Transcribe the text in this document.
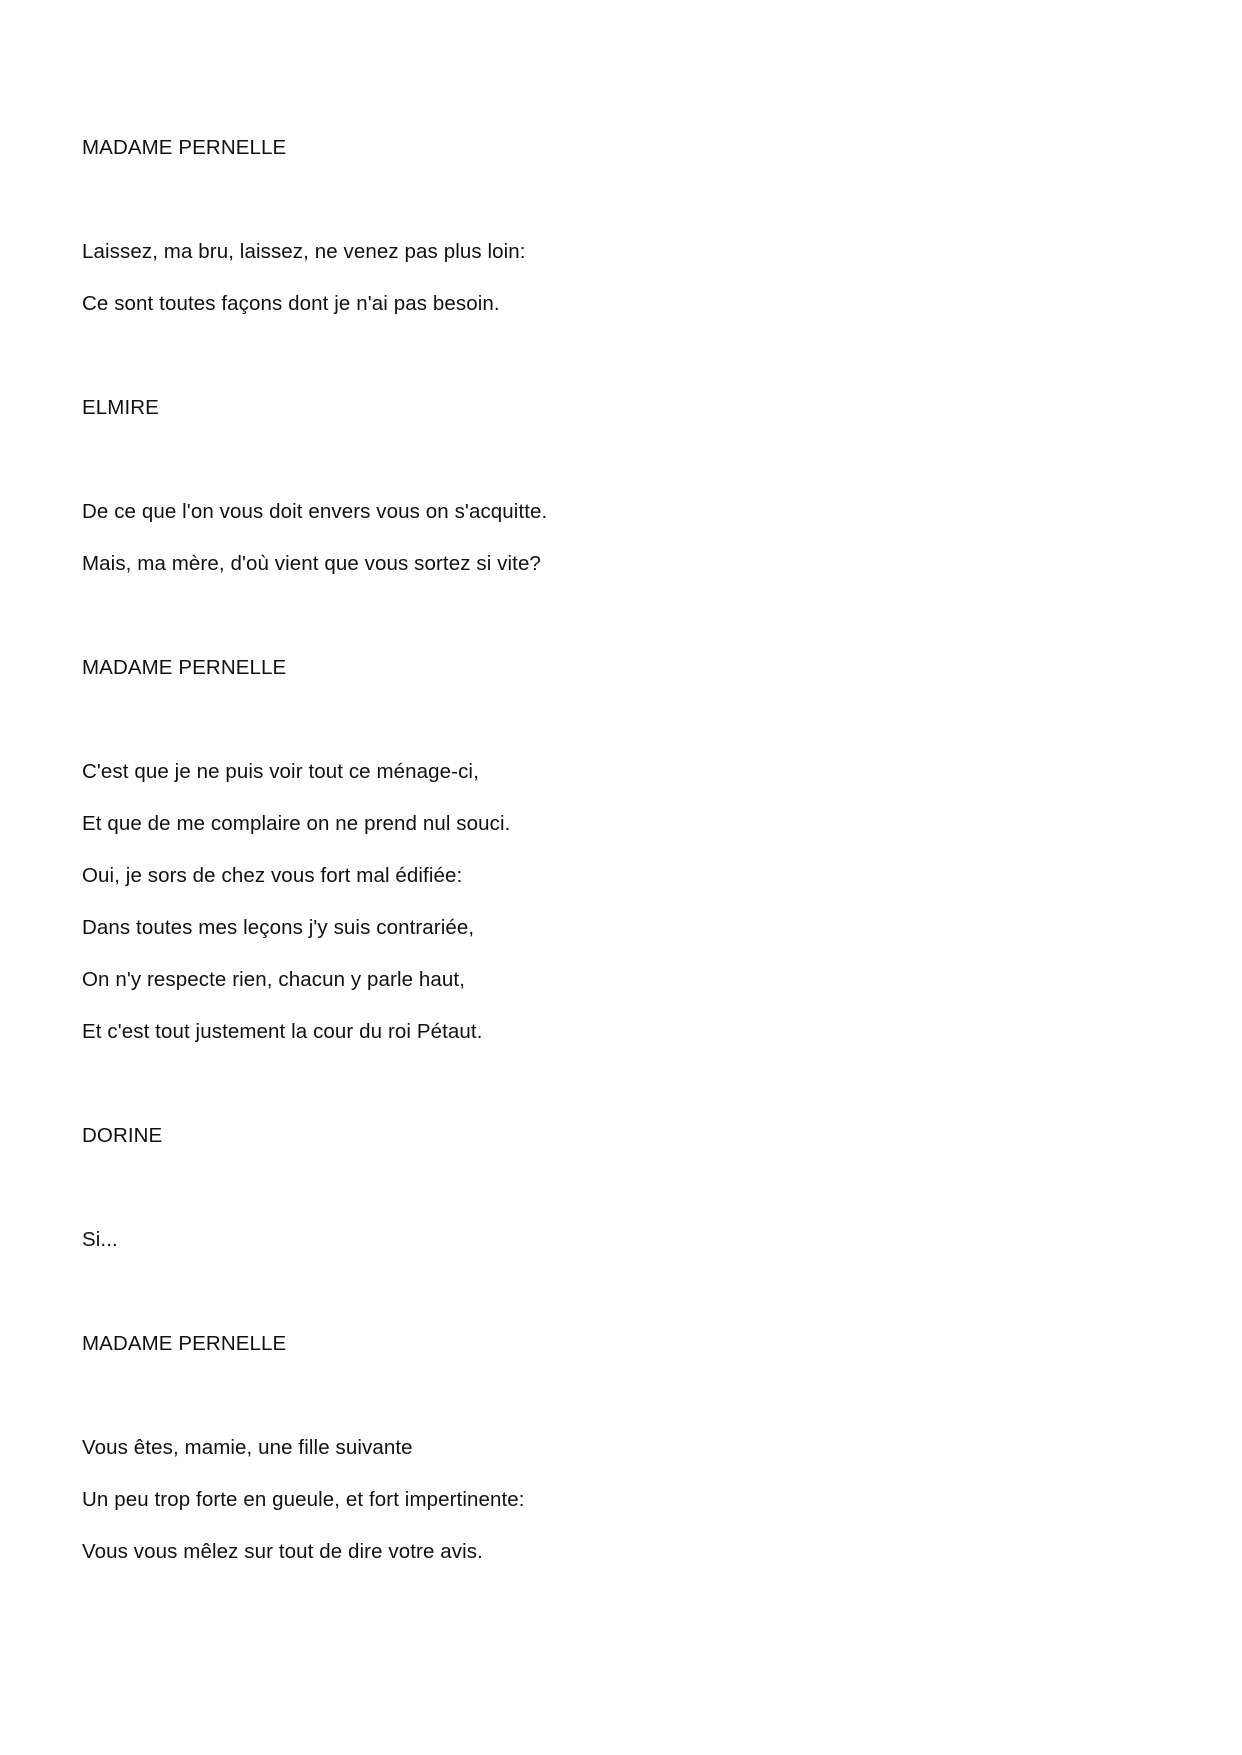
MADAME PERNELLE

Laissez, ma bru, laissez, ne venez pas plus loin:

Ce sont toutes façons dont je n'ai pas besoin.

ELMIRE

De ce que l'on vous doit envers vous on s'acquitte.

Mais, ma mère, d'où vient que vous sortez si vite?

MADAME PERNELLE

C'est que je ne puis voir tout ce ménage-ci,

Et que de me complaire on ne prend nul souci.

Oui, je sors de chez vous fort mal édifiée:

Dans toutes mes leçons j'y suis contrariée,

On n'y respecte rien, chacun y parle haut,

Et c'est tout justement la cour du roi Pétaut.

DORINE

Si...

MADAME PERNELLE

Vous êtes, mamie, une fille suivante

Un peu trop forte en gueule, et fort impertinente:

Vous vous mêlez sur tout de dire votre avis.
